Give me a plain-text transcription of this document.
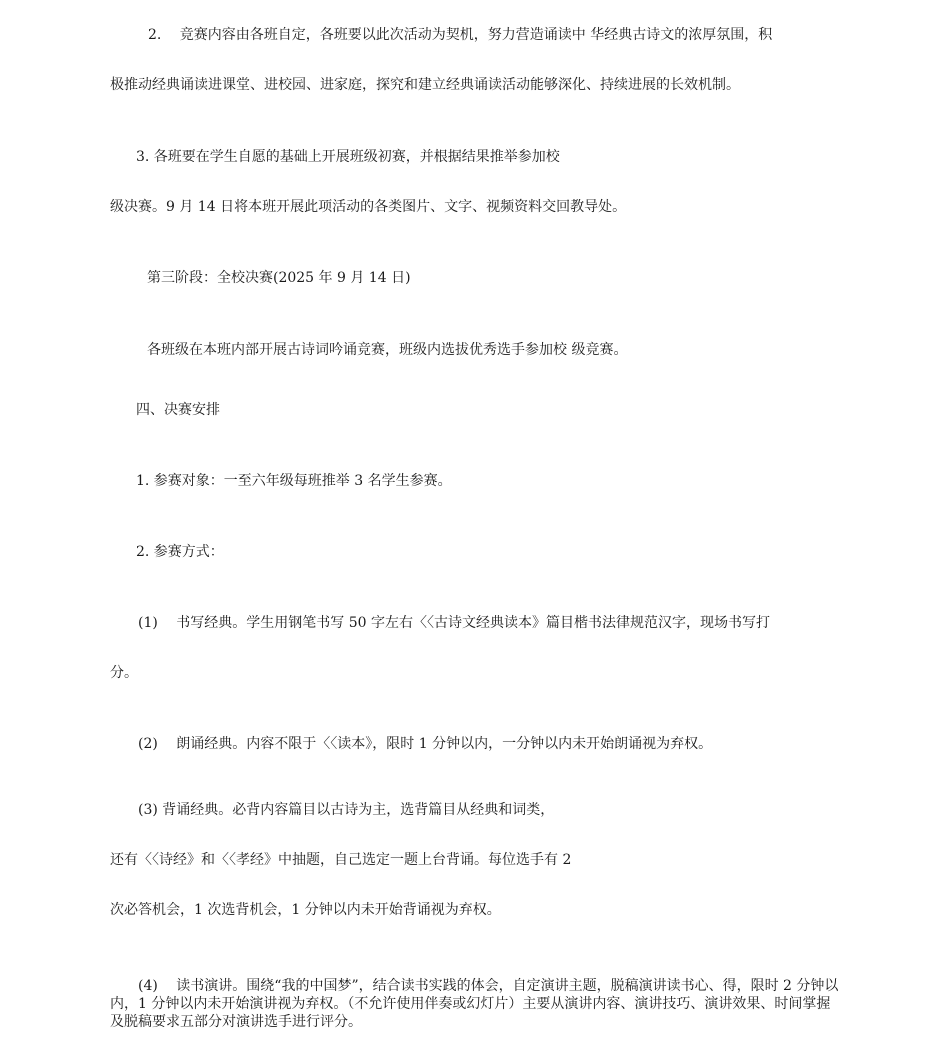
2.　 竞赛内容由各班自定，各班要以此次活动为契机，努力营造诵读中 华经典古诗文的浓厚氛围，积
极推动经典诵读进课堂、进校园、进家庭，探究和建立经典诵读活动能够深化、持续进展的长效机制。
3. 各班要在学生自愿的基础上开展班级初赛，并根据结果推举参加校
级决赛。9 月 14 日将本班开展此项活动的各类图片、文字、视频资料交回教导处。
第三阶段：全校决赛(2025 年 9 月 14 日)
各班级在本班内部开展古诗词吟诵竞赛，班级内选拔优秀选手参加校 级竞赛。
四、决赛安排
1. 参赛对象：一至六年级每班推举 3 名学生参赛。
2. 参赛方式：
(1)　 书写经典。学生用钢笔书写 50 字左右〈〈古诗文经典读本》篇目楷书法律规范汉字，现场书写打
分。
(2)　 朗诵经典。内容不限于〈〈读本》，限时 1 分钟以内，一分钟以内未开始朗诵视为弃权。
(3) 背诵经典。必背内容篇目以古诗为主，选背篇目从经典和词类，
还有〈〈诗经》和〈〈孝经》中抽题，自己选定一题上台背诵。每位选手有 2
次必答机会，1 次选背机会，1 分钟以内未开始背诵视为弃权。
(4)　 读书演讲。围绕“我的中国梦”，结合读书实践的体会，自定演讲主题，脱稿演讲读书心、得，限时 2 分钟以内，1 分钟以内未开始演讲视为弃权。（不允许使用伴奏或幻灯片）主要从演讲内容、演讲技巧、演讲效果、时间掌握及脱稿要求五部分对演讲选手进行评分。
